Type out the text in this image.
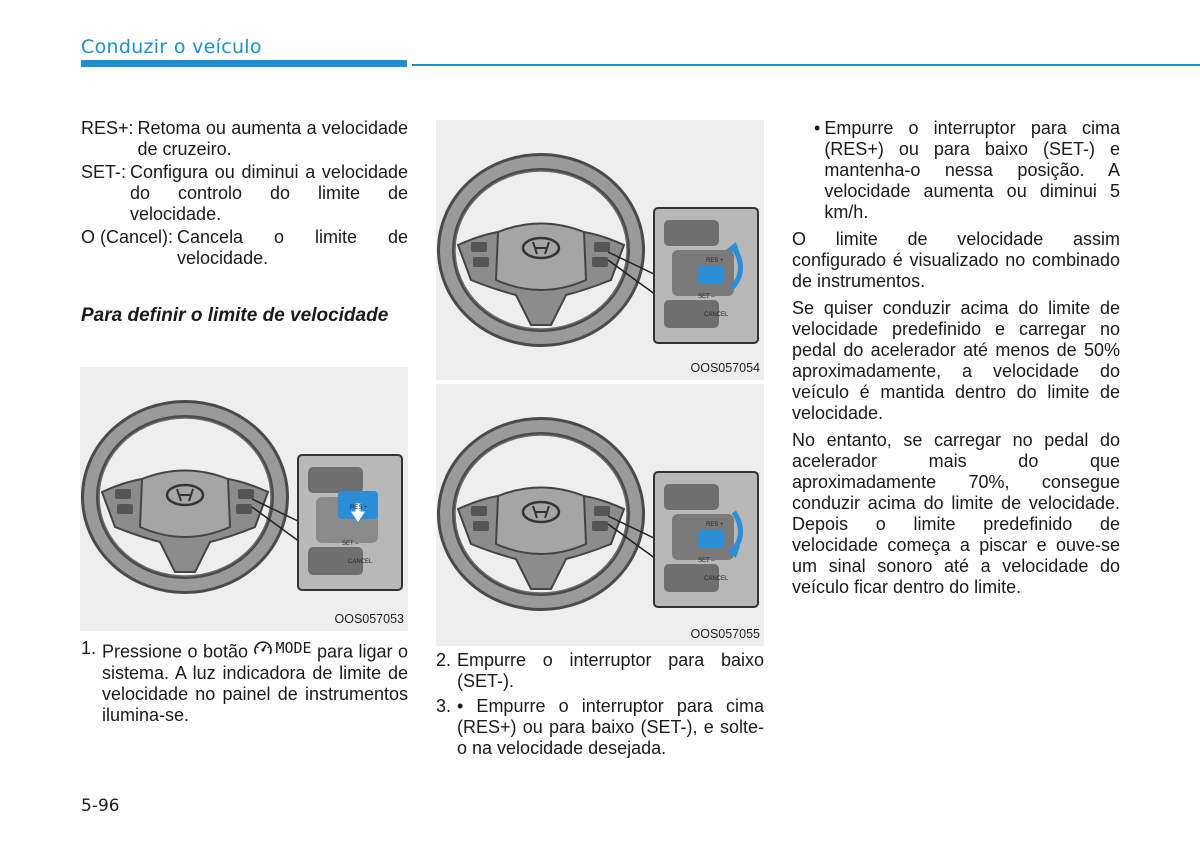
Conduzir o veículo
RES+: Retoma ou aumenta a velocidade de cruzeiro.
SET-: Configura ou diminui a velocidade do controlo do limite de velocidade.
O (Cancel): Cancela o limite de velocidade.
Para definir o limite de velocidade
1. Pressione o botão MODE para ligar o sistema. A luz indicadora de limite de velocidade no painel de instrumentos ilumina-se.
RES +
SET –
CANCEL
OOS057053
RES +
SET –
CANCEL
OOS057054
RES +
SET –
CANCEL
OOS057055
2. Empurre o interruptor para baixo (SET-).
3. • Empurre o interruptor para cima (RES+) ou para baixo (SET-), e solte-o na velocidade desejada.
• Empurre o interruptor para cima (RES+) ou para baixo (SET-) e mantenha-o nessa posição. A velocidade aumenta ou diminui 5 km/h.

O limite de velocidade assim configurado é visualizado no combinado de instrumentos.

Se quiser conduzir acima do limite de velocidade predefinido e carregar no pedal do acelerador até menos de 50% aproximadamente, a velocidade do veículo é mantida dentro do limite de velocidade.

No entanto, se carregar no pedal do acelerador mais do que aproximadamente 70%, consegue conduzir acima do limite de velocidade. Depois o limite predefinido de velocidade começa a piscar e ouve-se um sinal sonoro até a velocidade do veículo ficar dentro do limite.

5-96
